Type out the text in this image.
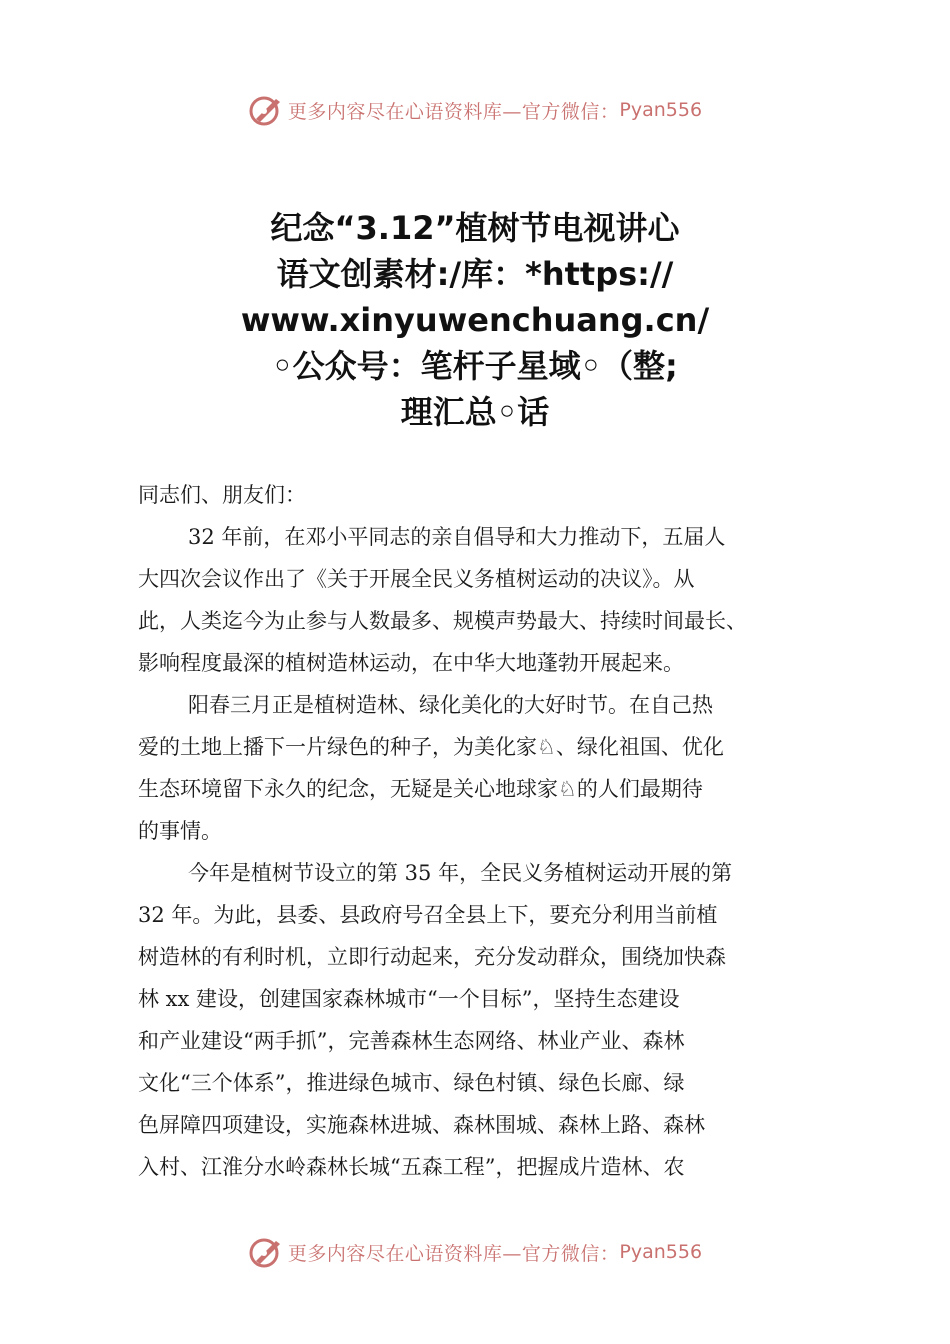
更多内容尽在心语资料库—官方微信： Pyan556
纪念“3.12”植树节电视讲心
语文创素材:/库：*https://
www.xinyuwenchuang.cn/
◦公众号：笔杆子星域◦（整;
理汇总◦话

同志们、朋友们：

32 年前，在邓小平同志的亲自倡导和大力推动下，五届人

大四次会议作出了《关于开展全民义务植树运动的决议》。从

此，人类迄今为止参与人数最多、规模声势最大、持续时间最长、

影响程度最深的植树造林运动，在中华大地蓬勃开展起来。

阳春三月正是植树造林、绿化美化的大好时节。在自己热

爱的土地上播下一片绿色的种子，为美化家♘、绿化祖国、优化

生态环境留下永久的纪念，无疑是关心地球家♘的人们最期待

的事情。

今年是植树节设立的第 35 年，全民义务植树运动开展的第

32 年。为此，县委、县政府号召全县上下，要充分利用当前植

树造林的有利时机，立即行动起来，充分发动群众，围绕加快森

林 xx 建设，创建国家森林城市“一个目标”，坚持生态建设

和产业建设“两手抓”，完善森林生态网络、林业产业、森林

文化“三个体系”，推进绿色城市、绿色村镇、绿色长廊、绿

色屏障四项建设，实施森林进城、森林围城、森林上路、森林

入村、江淮分水岭森林长城“五森工程”，把握成片造林、农

更多内容尽在心语资料库—官方微信： Pyan556
